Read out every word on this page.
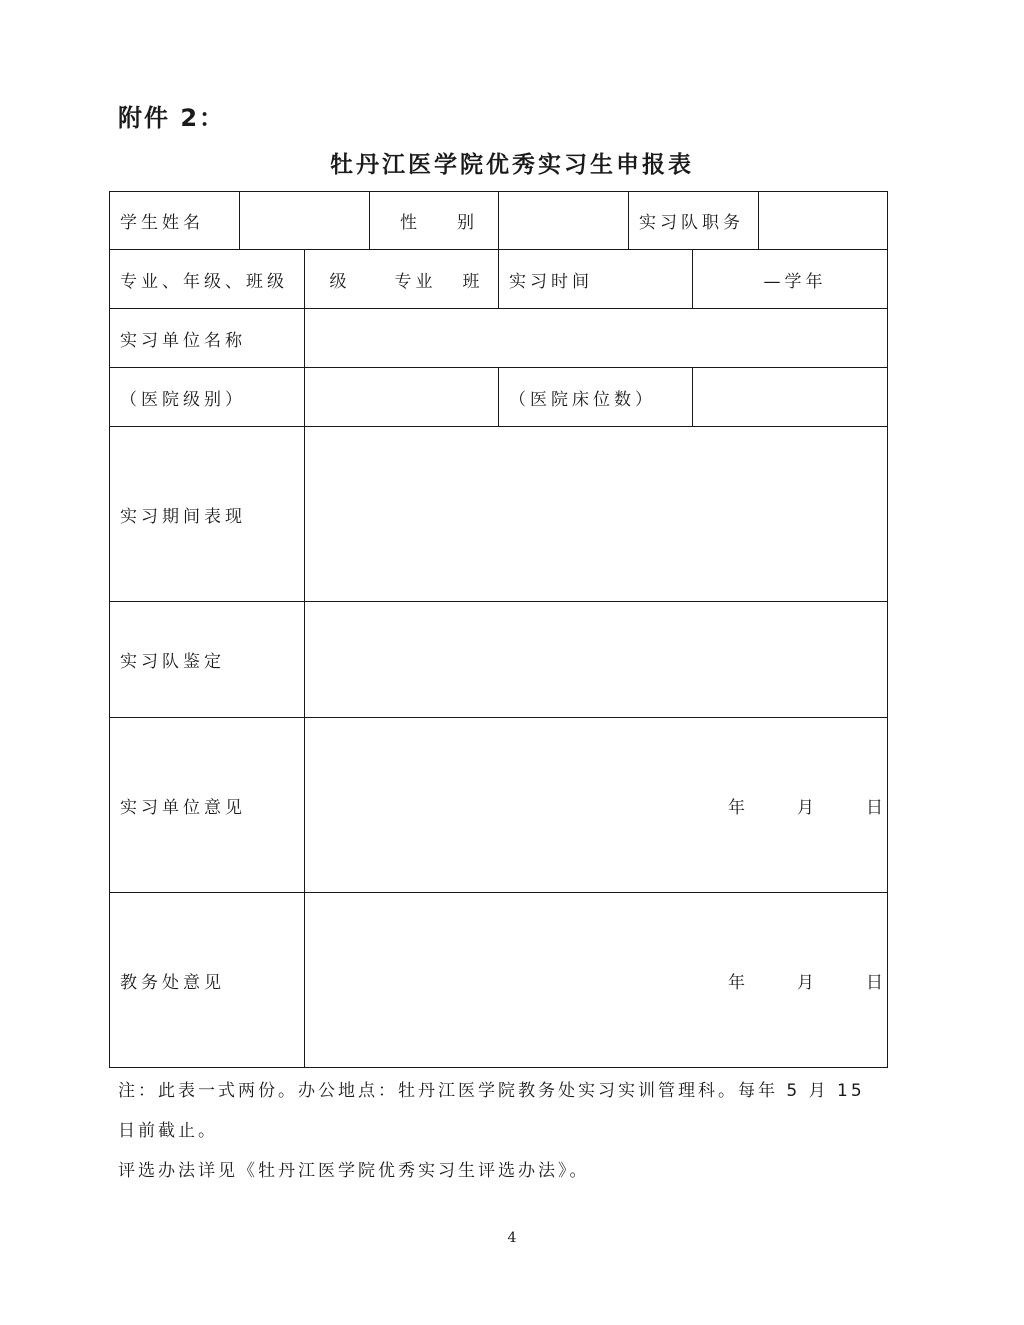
附件 2：
牡丹江医学院优秀实习生申报表
学生姓名			性 别		实习队职务		
专业、年级、班级		级 专业 班		实习时间		—学年	
实习单位名称							
（医院级别）				（医院床位数）			
实习期间表现							
实习队鉴定							
实习单位意见		年 月 日					
教务处意见		年 月 日					
注：此表一式两份。办公地点：牡丹江医学院教务处实习实训管理科。每年 5 月 15
日前截止。
评选办法详见《牡丹江医学院优秀实习生评选办法》。
4
